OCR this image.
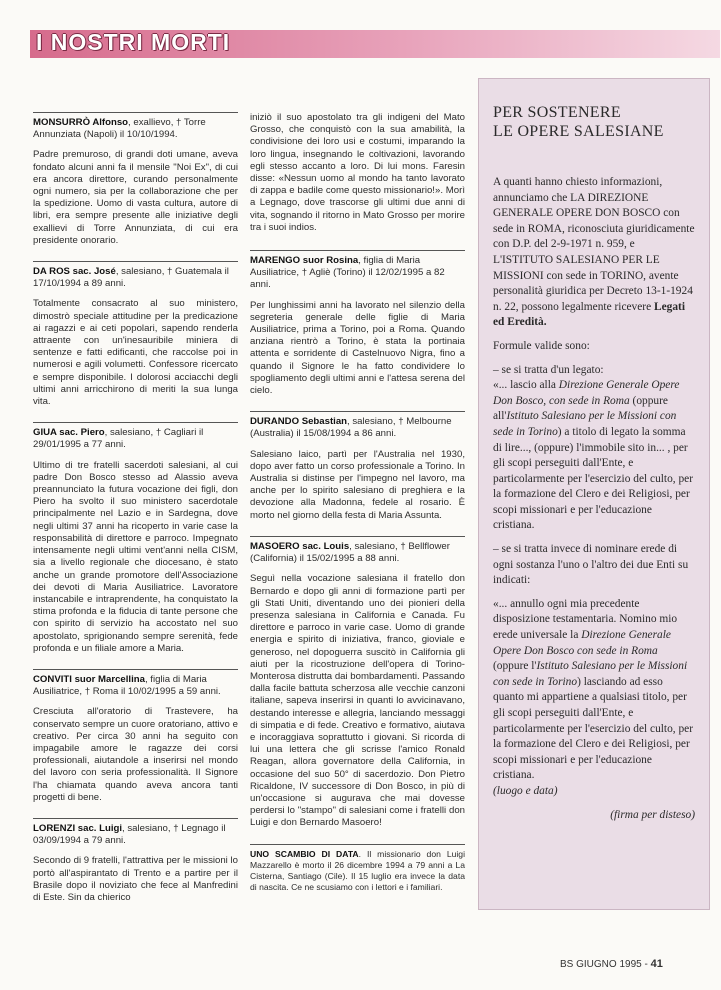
I NOSTRI MORTI
MONSURRÒ Alfonso, exallievo, † Torre Annunziata (Napoli) il 10/10/1994.
Padre premuroso, di grandi doti umane, aveva fondato alcuni anni fa il mensile "Noi Ex", di cui era ancora direttore, curando personalmente ogni numero, sia per la collaborazione che per la spedizione. Uomo di vasta cultura, autore di libri, era sempre presente alle iniziative degli exallievi di Torre Annunziata, di cui era presidente onorario.
DA ROS sac. José, salesiano, † Guatemala il 17/10/1994 a 89 anni.
Totalmente consacrato al suo ministero, dimostrò speciale attitudine per la predicazione ai ragazzi e ai ceti popolari, sapendo renderla attraente con un'inesauribile miniera di sentenze e fatti edificanti, che raccolse poi in numerosi e agili volumetti. Confessore ricercato e sempre disponibile. I dolorosi acciacchi degli ultimi anni arricchirono di meriti la sua lunga vita.
GIUA sac. Piero, salesiano, † Cagliari il 29/01/1995 a 77 anni.
Ultimo di tre fratelli sacerdoti salesiani, al cui padre Don Bosco stesso ad Alassio aveva preannunciato la futura vocazione dei figli, don Piero ha svolto il suo ministero sacerdotale principalmente nel Lazio e in Sardegna, dove negli ultimi 37 anni ha ricoperto in varie case la responsabilità di direttore e parroco. Impegnato intensamente negli ultimi vent'anni nella CISM, sia a livello regionale che diocesano, è stato anche un grande promotore dell'Associazione dei devoti di Maria Ausiliatrice. Lavoratore instancabile e intraprendente, ha conquistato la stima profonda e la fiducia di tante persone che con spirito di servizio ha accostato nel suo apostolato, sprigionando sempre serenità, fede profonda e un filiale amore a Maria.
CONVITI suor Marcellina, figlia di Maria Ausiliatrice, † Roma il 10/02/1995 a 59 anni.
Cresciuta all'oratorio di Trastevere, ha conservato sempre un cuore oratoriano, attivo e creativo. Per circa 30 anni ha seguito con impagabile amore le ragazze dei corsi professionali, aiutandole a inserirsi nel mondo del lavoro con seria professionalità. Il Signore l'ha chiamata quando aveva ancora tanti progetti di bene.
LORENZI sac. Luigi, salesiano, † Legnago il 03/09/1994 a 79 anni.
Secondo di 9 fratelli, l'attrattiva per le missioni lo portò all'aspirantato di Trento e a partire per il Brasile dopo il noviziato che fece al Manfredini di Este. Sin da chierico
iniziò il suo apostolato tra gli indigeni del Mato Grosso, che conquistò con la sua amabilità, la condivisione dei loro usi e costumi, imparando la loro lingua, insegnando le coltivazioni, lavorando egli stesso accanto a loro. Di lui mons. Faresin disse: «Nessun uomo al mondo ha tanto lavorato di zappa e badile come questo missionario!». Morì a Legnago, dove trascorse gli ultimi due anni di vita, sognando il ritorno in Mato Grosso per morire tra i suoi indios.
MARENGO suor Rosina, figlia di Maria Ausiliatrice, † Agliè (Torino) il 12/02/1995 a 82 anni.
Per lunghissimi anni ha lavorato nel silenzio della segreteria generale delle figlie di Maria Ausiliatrice, prima a Torino, poi a Roma. Quando anziana rientrò a Torino, è stata la portinaia attenta e sorridente di Castelnuovo Nigra, fino a quando il Signore le ha fatto condividere lo spogliamento degli ultimi anni e l'attesa serena del cielo.
DURANDO Sebastian, salesiano, † Melbourne (Australia) il 15/08/1994 a 86 anni.
Salesiano laico, partì per l'Australia nel 1930, dopo aver fatto un corso professionale a Torino. In Australia si distinse per l'impegno nel lavoro, ma anche per lo spirito salesiano di preghiera e la devozione alla Madonna, fedele al rosario. È morto nel giorno della festa di Maria Assunta.
MASOERO sac. Louis, salesiano, † Bellflower (California) il 15/02/1995 a 88 anni.
Seguì nella vocazione salesiana il fratello don Bernardo e dopo gli anni di formazione partì per gli Stati Uniti, diventando uno dei pionieri della presenza salesiana in California e Canada. Fu direttore e parroco in varie case. Uomo di grande energia e spirito di iniziativa, franco, gioviale e generoso, nel dopoguerra suscitò in California gli aiuti per la ricostruzione dell'opera di Torino-Monterosa distrutta dai bombardamenti. Passando dalla facile battuta scherzosa alle vecchie canzoni italiane, sapeva inserirsi in quanti lo avvicinavano, destando interesse e allegria, lanciando messaggi di simpatia e di fede. Creativo e formativo, aiutava e incoraggiava soprattutto i giovani. Si ricorda di lui una lettera che gli scrisse l'amico Ronald Reagan, allora governatore della California, in occasione del suo 50° di sacerdozio. Don Pietro Ricaldone, IV successore di Don Bosco, in più di un'occasione si augurava che mai dovesse perdersi lo "stampo" di salesiani come i fratelli don Luigi e don Bernardo Masoero!
UNO SCAMBIO DI DATA. Il missionario don Luigi Mazzarello è morto il 26 dicembre 1994 a 79 anni a La Cisterna, Santiago (Cile). Il 15 luglio era invece la data di nascita. Ce ne scusiamo con i lettori e i familiari.
PER SOSTENERE
LE OPERE SALESIANE

A quanti hanno chiesto informazioni, annunciamo che LA DIREZIONE GENERALE OPERE DON BOSCO con sede in ROMA, riconosciuta giuridicamente con D.P. del 2-9-1971 n. 959, e L'ISTITUTO SALESIANO PER LE MISSIONI con sede in TORINO, avente personalità giuridica per Decreto 13-1-1924 n. 22, possono legalmente ricevere Legati ed Eredità.

Formule valide sono:

– se si tratta d'un legato:
«... lascio alla Direzione Generale Opere Don Bosco, con sede in Roma (oppure all'Istituto Salesiano per le Missioni con sede in Torino) a titolo di legato la somma di lire..., (oppure) l'immobile sito in... , per gli scopi perseguiti dall'Ente, e particolarmente per l'esercizio del culto, per la formazione del Clero e dei Religiosi, per scopi missionari e per l'educazione cristiana.

– se si tratta invece di nominare erede di ogni sostanza l'uno o l'altro dei due Enti su indicati:

«... annullo ogni mia precedente disposizione testamentaria. Nomino mio erede universale la Direzione Generale Opere Don Bosco con sede in Roma (oppure l'Istituto Salesiano per le Missioni con sede in Torino) lasciando ad esso quanto mi appartiene a qualsiasi titolo, per gli scopi perseguiti dall'Ente, e particolarmente per l'esercizio del culto, per la formazione del Clero e dei Religiosi, per scopi missionari e per l'educazione cristiana.
(luogo e data)

(firma per disteso)
BS GIUGNO 1995 - 41
